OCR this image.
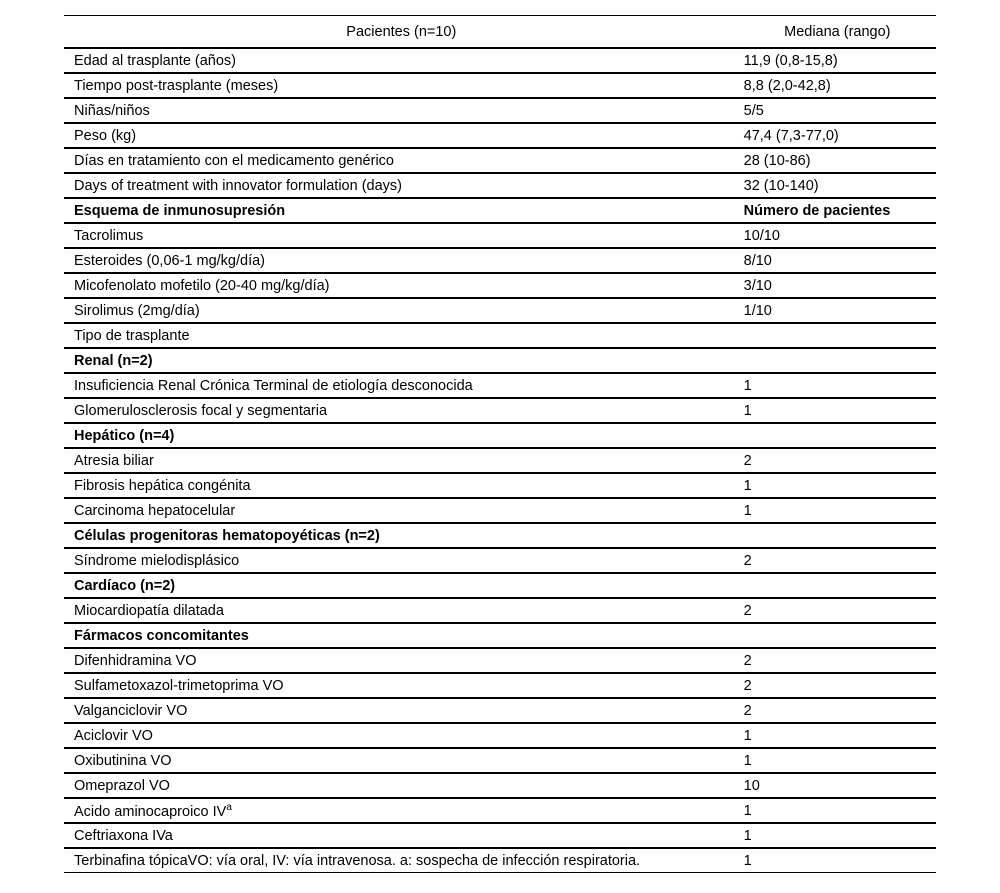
Pacientes (n=10)	Mediana (rango)
Edad al trasplante (años)	11,9 (0,8-15,8)
Tiempo post-trasplante (meses)	8,8 (2,0-42,8)
Niñas/niños	5/5
Peso (kg)	47,4 (7,3-77,0)
Días en tratamiento con el medicamento genérico	28 (10-86)
Days of treatment with innovator formulation (days)	32 (10-140)
Esquema de inmunosupresión	Número de pacientes
Tacrolimus	10/10
Esteroides (0,06-1 mg/kg/día)	8/10
Micofenolato mofetilo (20-40 mg/kg/día)	3/10
Sirolimus (2mg/día)	1/10
Tipo de trasplante	
Renal (n=2)	
Insuficiencia Renal Crónica Terminal de etiología desconocida	1
Glomerulosclerosis focal y segmentaria	1
Hepático (n=4)	
Atresia biliar	2
Fibrosis hepática congénita	1
Carcinoma hepatocelular	1
Células progenitoras hematopoyéticas (n=2)	
Síndrome mielodisplásico	2
Cardíaco (n=2)	
Miocardiopatía dilatada	2
Fármacos concomitantes	
Difenhidramina VO	2
Sulfametoxazol-trimetoprima VO	2
Valganciclovir VO	2
Aciclovir VO	1
Oxibutinina VO	1
Omeprazol VO	10
Acido aminocaproico $IV^a$	1
Ceftriaxona IVa	1
Terbinafina tópicaVO: vía oral, IV: vía intravenosa. a: sospecha de infección respiratoria.	1
